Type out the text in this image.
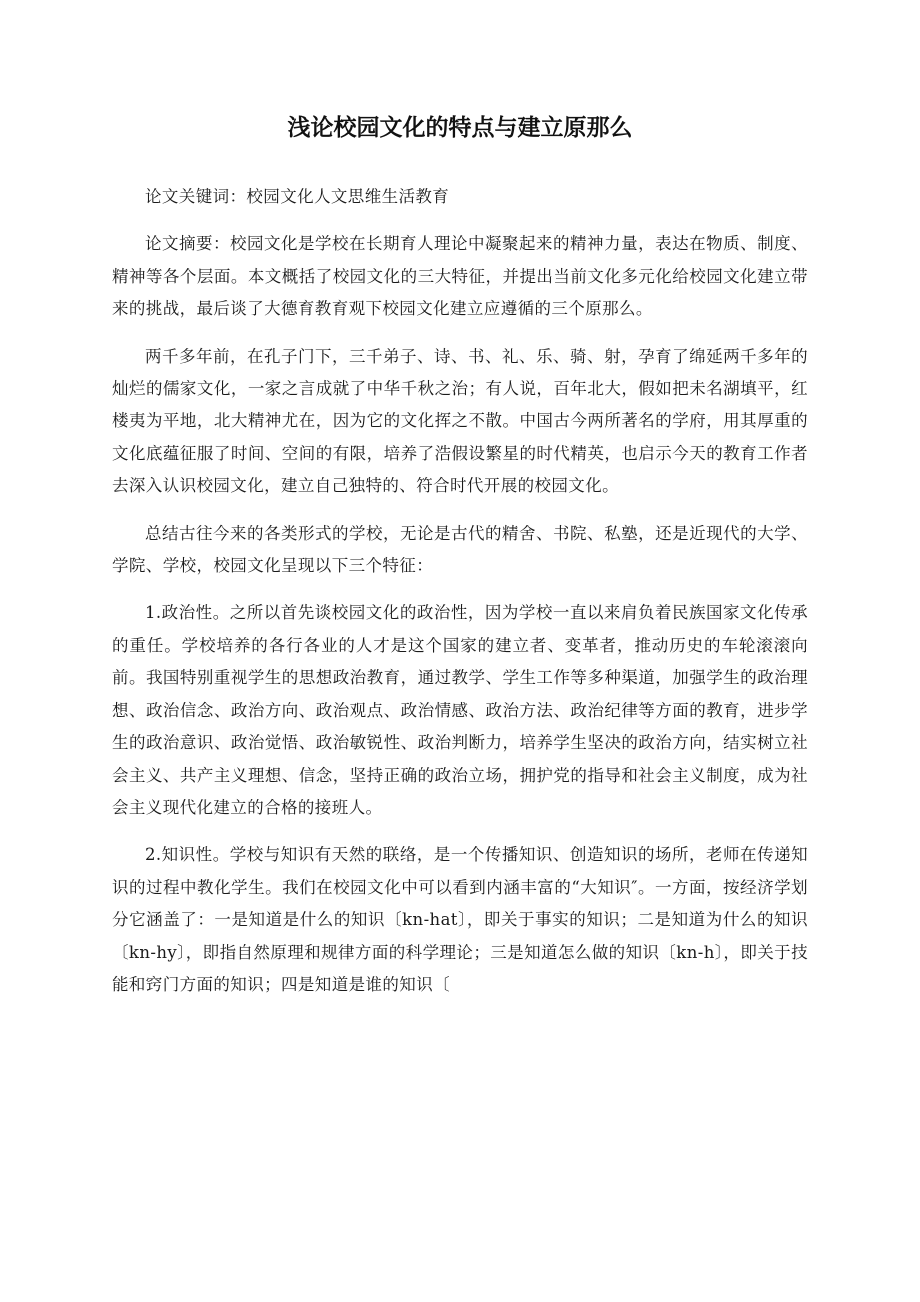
浅论校园文化的特点与建立原那么

论文关键词：校园文化人文思维生活教育

论文摘要：校园文化是学校在长期育人理论中凝聚起来的精神力量，表达在物质、制度、精神等各个层面。本文概括了校园文化的三大特征，并提出当前文化多元化给校园文化建立带来的挑战，最后谈了大德育教育观下校园文化建立应遵循的三个原那么。

两千多年前，在孔子门下，三千弟子、诗、书、礼、乐、骑、射，孕育了绵延两千多年的灿烂的儒家文化，一家之言成就了中华千秋之治；有人说，百年北大，假如把未名湖填平，红楼夷为平地，北大精神尤在，因为它的文化挥之不散。中国古今两所著名的学府，用其厚重的文化底蕴征服了时间、空间的有限，培养了浩假设繁星的时代精英，也启示今天的教育工作者去深入认识校园文化，建立自己独特的、符合时代开展的校园文化。

总结古往今来的各类形式的学校，无论是古代的精舍、书院、私塾，还是近现代的大学、学院、学校，校园文化呈现以下三个特征：

1.政治性。之所以首先谈校园文化的政治性，因为学校一直以来肩负着民族国家文化传承的重任。学校培养的各行各业的人才是这个国家的建立者、变革者，推动历史的车轮滚滚向前。我国特别重视学生的思想政治教育，通过教学、学生工作等多种渠道，加强学生的政治理想、政治信念、政治方向、政治观点、政治情感、政治方法、政治纪律等方面的教育，进步学生的政治意识、政治觉悟、政治敏锐性、政治判断力，培养学生坚决的政治方向，结实树立社会主义、共产主义理想、信念，坚持正确的政治立场，拥护党的指导和社会主义制度，成为社会主义现代化建立的合格的接班人。

2.知识性。学校与知识有天然的联络，是一个传播知识、创造知识的场所，老师在传递知识的过程中教化学生。我们在校园文化中可以看到内涵丰富的“大知识″。一方面，按经济学划分它涵盖了：一是知道是什么的知识〔kn-hat〕，即关于事实的知识；二是知道为什么的知识〔kn-hy〕，即指自然原理和规律方面的科学理论；三是知道怎么做的知识〔kn-h〕，即关于技能和窍门方面的知识；四是知道是谁的知识〔
